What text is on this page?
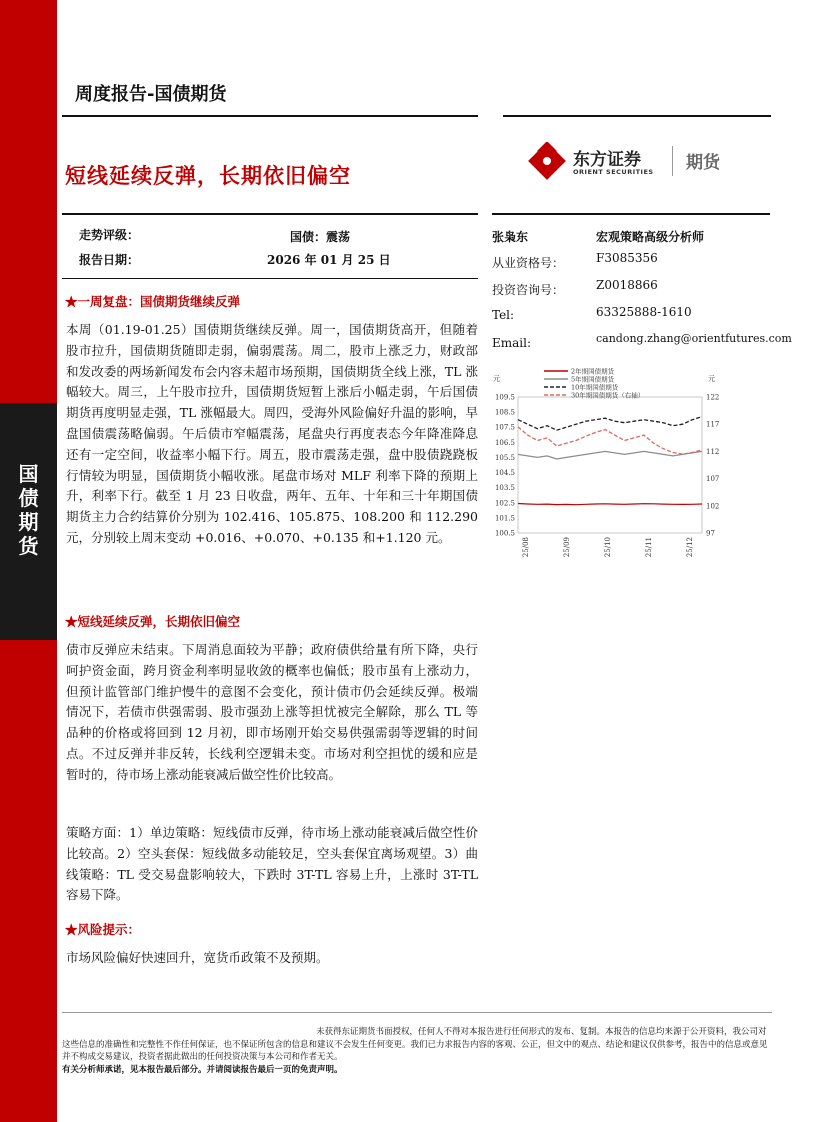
国
债
期
货
周度报告-国债期货
短线延续反弹，长期依旧偏空
东方证券
ORIENT SECURITIES 期货
走势评级：	国债：震荡
报告日期：	2026 年 01 月 25 日
张枭东	宏观策略高级分析师
从业资格号：	F3085356
投资咨询号：	Z0018866
Tel:	63325888-1610
Email:	candong.zhang@orientfutures.com
元	元
109.5
108.5
107.5
106.5
105.5
104.5
103.5
102.5
101.5
100.5
122
117
112
107
102
97
25/08	25/09	25/10	25/11	25/12
2年期国债期货
5年期国债期货
10年期国债期货
30年期国债期货（右轴）
★一周复盘：国债期货继续反弹

本周（01.19-01.25）国债期货继续反弹。周一，国债期货高开，但随着股市拉升，国债期货随即走弱，偏弱震荡。周二，股市上涨乏力，财政部和发改委的两场新闻发布会内容未超市场预期，国债期货全线上涨，TL 涨幅较大。周三，上午股市拉升，国债期货短暂上涨后小幅走弱，午后国债期货再度明显走强，TL 涨幅最大。周四，受海外风险偏好升温的影响，早盘国债震荡略偏弱。午后债市窄幅震荡，尾盘央行再度表态今年降准降息还有一定空间，收益率小幅下行。周五，股市震荡走强，盘中股债跷跷板行情较为明显，国债期货小幅收涨。尾盘市场对 MLF 利率下降的预期上升，利率下行。截至 1 月 23 日收盘，两年、五年、十年和三十年期国债期货主力合约结算价分别为 102.416、105.875、108.200 和 112.290 元，分别较上周末变动 +0.016、+0.070、+0.135 和+1.120 元。

★短线延续反弹，长期依旧偏空

债市反弹应未结束。下周消息面较为平静；政府债供给量有所下降，央行呵护资金面，跨月资金利率明显收敛的概率也偏低；股市虽有上涨动力，但预计监管部门维护慢牛的意图不会变化，预计债市仍会延续反弹。极端情况下，若债市供强需弱、股市强劲上涨等担忧被完全解除，那么 TL 等品种的价格或将回到 12 月初，即市场刚开始交易供强需弱等逻辑的时间点。不过反弹并非反转，长线利空逻辑未变。市场对利空担忧的缓和应是暂时的，待市场上涨动能衰减后做空性价比较高。

策略方面：1）单边策略：短线债市反弹，待市场上涨动能衰减后做空性价比较高。2）空头套保：短线做多动能较足，空头套保宜离场观望。3）曲线策略：TL 受交易盘影响较大，下跌时 3T-TL 容易上升，上涨时 3T-TL 容易下降。

★风险提示：

市场风险偏好快速回升，宽货币政策不及预期。

未获得东证期货书面授权，任何人不得对本报告进行任何形式的发布、复制。本报告的信息均来源于公开资料，我公司对这些信息的准确性和完整性不作任何保证，也不保证所包含的信息和建议不会发生任何变更。我们已力求报告内容的客观、公正，但文中的观点、结论和建议仅供参考，报告中的信息或意见并不构成交易建议，投资者据此做出的任何投资决策与本公司和作者无关。
有关分析师承诺，见本报告最后部分。并请阅读报告最后一页的免责声明。
